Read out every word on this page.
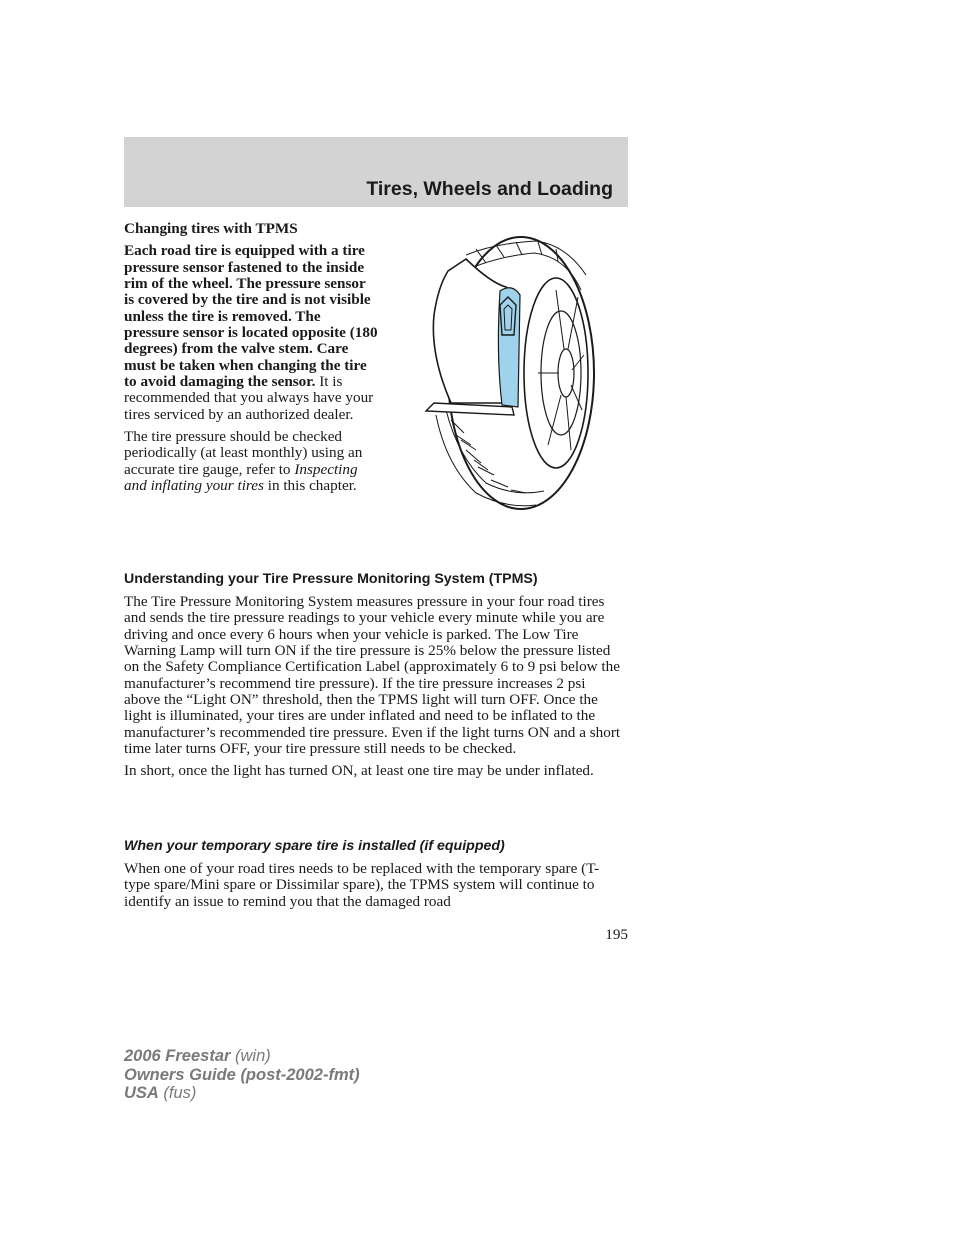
Tires, Wheels and Loading

Changing tires with TPMS

Each road tire is equipped with a tire pressure sensor fastened to the inside rim of the wheel. The pressure sensor is covered by the tire and is not visible unless the tire is removed. The pressure sensor is located opposite (180 degrees) from the valve stem. Care must be taken when changing the tire to avoid damaging the sensor. It is recommended that you always have your tires serviced by an authorized dealer.

The tire pressure should be checked periodically (at least monthly) using an accurate tire gauge, refer to Inspecting and inflating your tires in this chapter.

Understanding your Tire Pressure Monitoring System (TPMS)

The Tire Pressure Monitoring System measures pressure in your four road tires and sends the tire pressure readings to your vehicle every minute while you are driving and once every 6 hours when your vehicle is parked. The Low Tire Warning Lamp will turn ON if the tire pressure is 25% below the pressure listed on the Safety Compliance Certification Label (approximately 6 to 9 psi below the manufacturer’s recommend tire pressure). If the tire pressure increases 2 psi above the “Light ON” threshold, then the TPMS light will turn OFF. Once the light is illuminated, your tires are under inflated and need to be inflated to the manufacturer’s recommended tire pressure. Even if the light turns ON and a short time later turns OFF, your tire pressure still needs to be checked.

In short, once the light has turned ON, at least one tire may be under inflated.

When your temporary spare tire is installed (if equipped)

When one of your road tires needs to be replaced with the temporary spare (T-type spare/Mini spare or Dissimilar spare), the TPMS system will continue to identify an issue to remind you that the damaged road

195
2006 Freestar (win)
Owners Guide (post-2002-fmt)
USA (fus)
